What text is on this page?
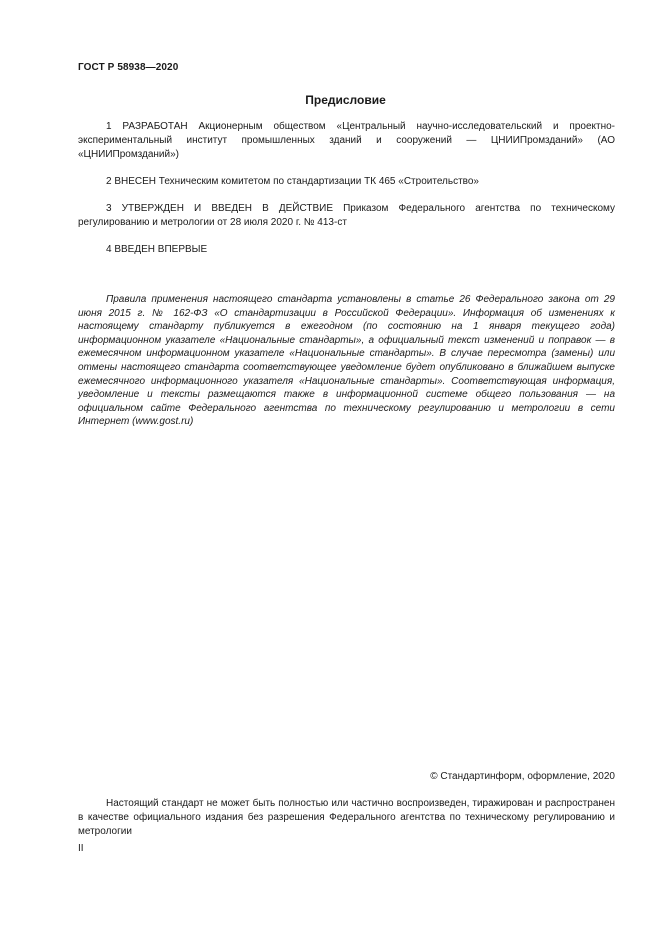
ГОСТ Р 58938—2020
Предисловие

1 РАЗРАБОТАН Акционерным обществом «Центральный научно-исследовательский и проектно-экспериментальный институт промышленных зданий и сооружений — ЦНИИПромзданий» (АО «ЦНИИПромзданий»)

2 ВНЕСЕН Техническим комитетом по стандартизации ТК 465 «Строительство»

3 УТВЕРЖДЕН И ВВЕДЕН В ДЕЙСТВИЕ Приказом Федерального агентства по техническому регулированию и метрологии от 28 июля 2020 г. № 413-ст

4 ВВЕДЕН ВПЕРВЫЕ

Правила применения настоящего стандарта установлены в статье 26 Федерального закона от 29 июня 2015 г. № 162-ФЗ «О стандартизации в Российской Федерации». Информация об изменениях к настоящему стандарту публикуется в ежегодном (по состоянию на 1 января текущего года) информационном указателе «Национальные стандарты», а официальный текст изменений и поправок — в ежемесячном информационном указателе «Национальные стандарты». В случае пересмотра (замены) или отмены настоящего стандарта соответствующее уведомление будет опубликовано в ближайшем выпуске ежемесячного информационного указателя «Национальные стандарты». Соответствующая информация, уведомление и тексты размещаются также в информационной системе общего пользования — на официальном сайте Федерального агентства по техническому регулированию и метрологии в сети Интернет (www.gost.ru)

© Стандартинформ, оформление, 2020

Настоящий стандарт не может быть полностью или частично воспроизведен, тиражирован и распространен в качестве официального издания без разрешения Федерального агентства по техническому регулированию и метрологии

II
